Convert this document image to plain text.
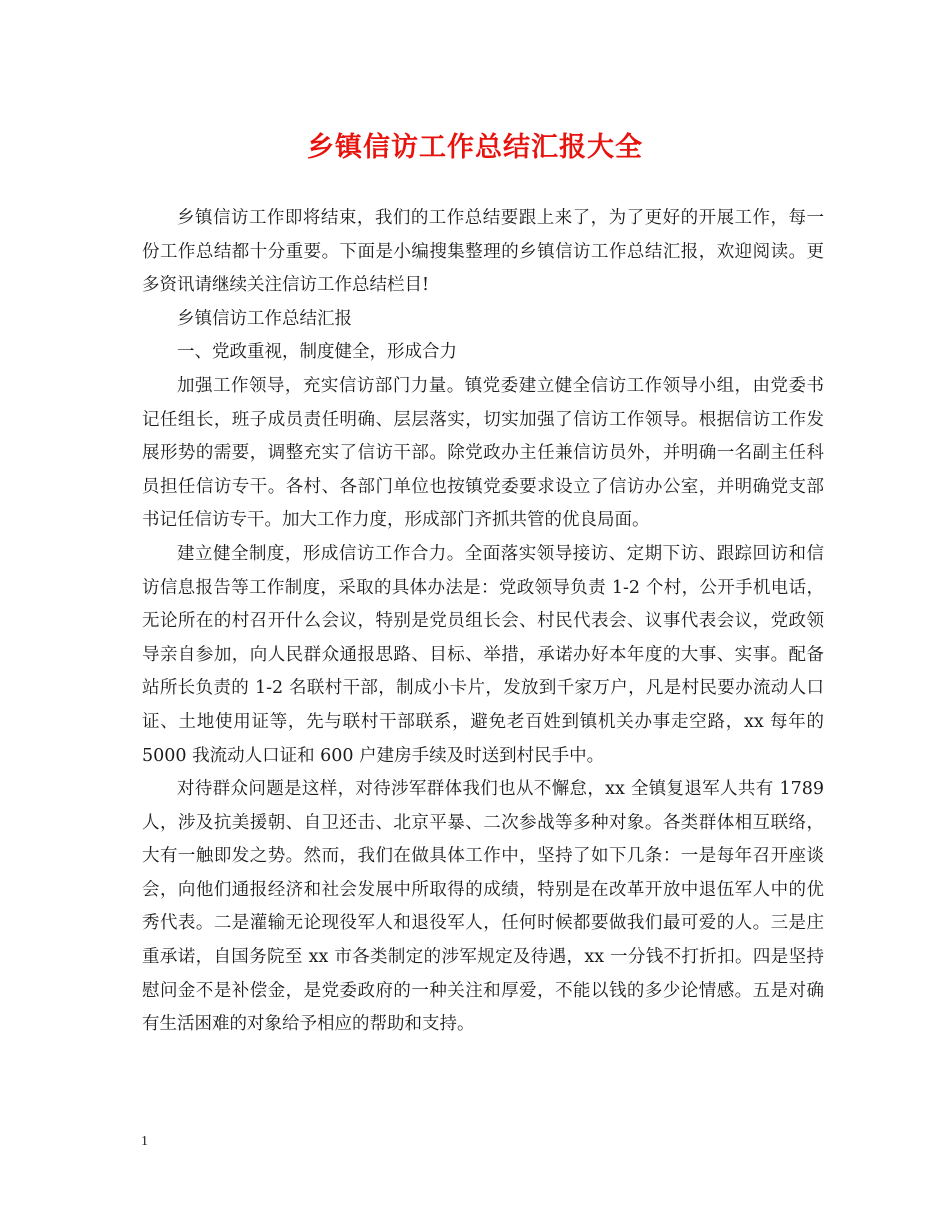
乡镇信访工作总结汇报大全

乡镇信访工作即将结束，我们的工作总结要跟上来了，为了更好的开展工作，每一份工作总结都十分重要。下面是小编搜集整理的乡镇信访工作总结汇报，欢迎阅读。更多资讯请继续关注信访工作总结栏目!

乡镇信访工作总结汇报

一、党政重视，制度健全，形成合力

加强工作领导，充实信访部门力量。镇党委建立健全信访工作领导小组，由党委书记任组长，班子成员责任明确、层层落实，切实加强了信访工作领导。根据信访工作发展形势的需要，调整充实了信访干部。除党政办主任兼信访员外，并明确一名副主任科员担任信访专干。各村、各部门单位也按镇党委要求设立了信访办公室，并明确党支部书记任信访专干。加大工作力度，形成部门齐抓共管的优良局面。

建立健全制度，形成信访工作合力。全面落实领导接访、定期下访、跟踪回访和信访信息报告等工作制度，采取的具体办法是：党政领导负责 1-2 个村，公开手机电话，无论所在的村召开什么会议，特别是党员组长会、村民代表会、议事代表会议，党政领导亲自参加，向人民群众通报思路、目标、举措，承诺办好本年度的大事、实事。配备站所长负责的 1-2 名联村干部，制成小卡片，发放到千家万户，凡是村民要办流动人口证、土地使用证等，先与联村干部联系，避免老百姓到镇机关办事走空路，xx 每年的 5000 我流动人口证和 600 户建房手续及时送到村民手中。

对待群众问题是这样，对待涉军群体我们也从不懈怠，xx 全镇复退军人共有 1789 人，涉及抗美援朝、自卫还击、北京平暴、二次参战等多种对象。各类群体相互联络，大有一触即发之势。然而，我们在做具体工作中，坚持了如下几条：一是每年召开座谈会，向他们通报经济和社会发展中所取得的成绩，特别是在改革开放中退伍军人中的优秀代表。二是灌输无论现役军人和退役军人，任何时候都要做我们最可爱的人。三是庄重承诺，自国务院至 xx 市各类制定的涉军规定及待遇，xx 一分钱不打折扣。四是坚持慰问金不是补偿金，是党委政府的一种关注和厚爱，不能以钱的多少论情感。五是对确有生活困难的对象给予相应的帮助和支持。

1
